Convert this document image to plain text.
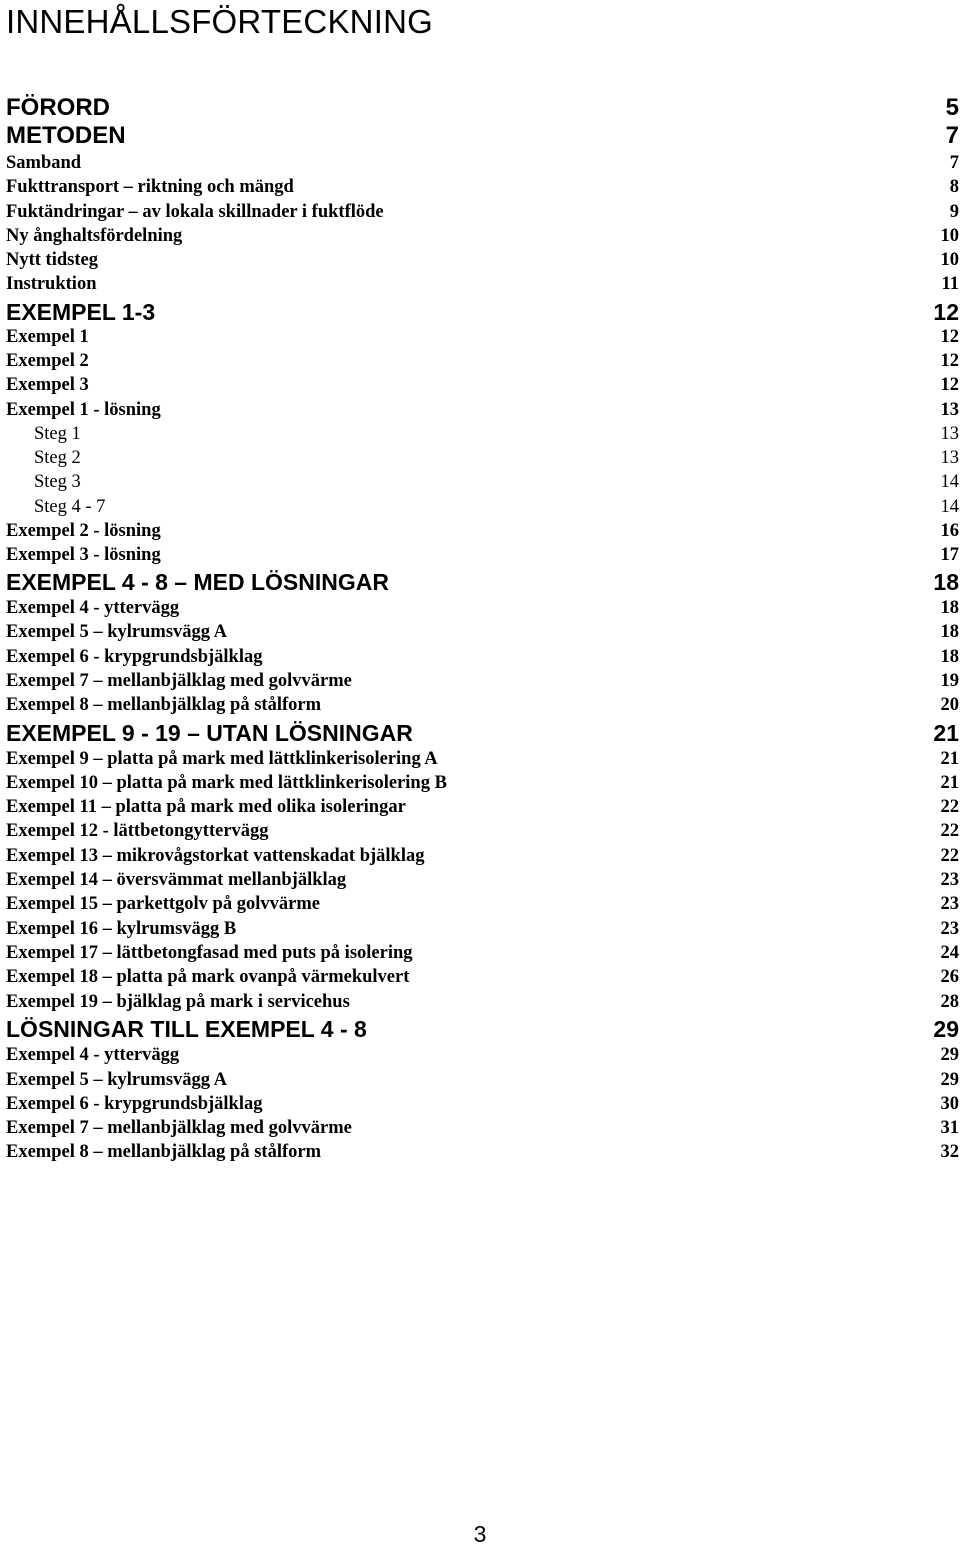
INNEHÅLLSFÖRTECKNING
FÖRORD	5
METODEN	7
Samband	7
Fukttransport – riktning och mängd	8
Fuktändringar – av lokala skillnader i fuktflöde	9
Ny ånghaltsfördelning	10
Nytt tidsteg	10
Instruktion	11
EXEMPEL 1-3	12
Exempel 1	12
Exempel 2	12
Exempel 3	12
Exempel 1 - lösning	13
Steg 1	13
Steg 2	13
Steg 3	14
Steg 4 - 7	14
Exempel 2 - lösning	16
Exempel 3 - lösning	17
EXEMPEL 4 - 8 – MED LÖSNINGAR	18
Exempel 4 - yttervägg	18
Exempel 5 – kylrumsvägg A	18
Exempel 6 - krypgrundsbjälklag	18
Exempel 7 – mellanbjälklag med golvvärme	19
Exempel 8 – mellanbjälklag på stålform	20
EXEMPEL 9 - 19 – UTAN LÖSNINGAR	21
Exempel 9 – platta på mark med lättklinkerisolering A	21
Exempel 10 – platta på mark med lättklinkerisolering B	21
Exempel 11 – platta på mark med olika isoleringar	22
Exempel 12 - lättbetongyttervägg	22
Exempel 13 – mikrovågstorkat vattenskadat bjälklag	22
Exempel 14 – översvämmat mellanbjälklag	23
Exempel 15 – parkettgolv på golvvärme	23
Exempel 16 – kylrumsvägg B	23
Exempel 17 – lättbetongfasad med puts på isolering	24
Exempel 18 – platta på mark ovanpå värmekulvert	26
Exempel 19 – bjälklag på mark i servicehus	28
LÖSNINGAR TILL EXEMPEL 4 - 8	29
Exempel 4 - yttervägg	29
Exempel 5 – kylrumsvägg A	29
Exempel 6 - krypgrundsbjälklag	30
Exempel 7 – mellanbjälklag med golvvärme	31
Exempel 8 – mellanbjälklag på stålform	32
3
